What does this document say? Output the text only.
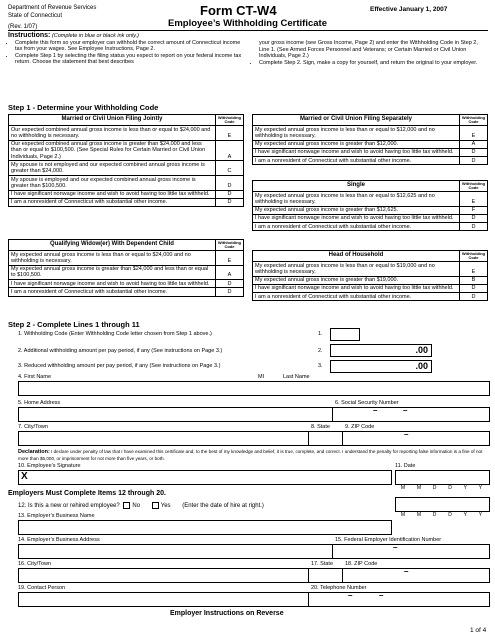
Department of Revenue Services
State of Connecticut
(Rev. 1/07)
Form CT-W4
Employee’s Withholding Certificate
Effective January 1, 2007
Instructions: (Complete in blue or black ink only.)
• Complete this form so your employer can withhold the correct amount of Connecticut income tax from your wages. See Employee Instructions, Page 2.
• Complete Step 1 by selecting the filing status you expect to report on your federal income tax return. Choose the statement that best describes
your gross income (see Gross Income, Page 2) and enter the Withholding Code in Step 2, Line 1. (See Armed Forces Personnel and Veterans; or Certain Married or Civil Union Individuals, Page 2.)
• Complete Step 2. Sign, make a copy for yourself, and return the original to your employer.
Step 1 - Determine your Withholding Code
Married or Civil Union Filing Jointly	Withholding Code
Our expected combined annual gross income is less than or equal to $24,000 and no withholding is necessary.	E
Our expected combined annual gross income is greater than $24,000 and less than or equal to $100,500. (See Special Rules for Certain Married or Civil Union Individuals, Page 2.)	A
My spouse is not employed and our expected combined annual gross income is greater than $24,000.	C
My spouse is employed and our expected combined annual gross income is greater than $100,500.	D
I have significant nonwage income and wish to avoid having too little tax withheld.	D
I am a nonresident of Connecticut with substantial other income.	D
Qualifying Widow(er) With Dependent Child	Withholding Code
My expected annual gross income is less than or equal to $24,000 and no withholding is necessary.	E
My expected annual gross income is greater than $24,000 and less than or equal to $100,500.	A
I have significant nonwage income and wish to avoid having too little tax withheld.	D
I am a nonresident of Connecticut with substantial other income.	D
Married or Civil Union Filing Separately	Withholding Code
My expected annual gross income is less than or equal to $12,000 and no withholding is necessary.	E
My expected annual gross income is greater than $12,000.	A
I have significant nonwage income and wish to avoid having too little tax withheld.	D
I am a nonresident of Connecticut with substantial other income.	D
Single	Withholding Code
My expected annual gross income is less than or equal to $12,625 and no withholding is necessary.	E
My expected annual gross income is greater than $12,625.	F
I have significant nonwage income and wish to avoid having too little tax withheld.	D
I am a nonresident of Connecticut with substantial other income.	D
Head of Household	Withholding Code
My expected annual gross income is less than or equal to $19,000 and no withholding is necessary.	E
My expected annual gross income is greater than $19,000.	B
I have significant nonwage income and wish to avoid having too little tax withheld.	D
I am a nonresident of Connecticut with substantial other income.	D
Step 2 - Complete Lines 1 through 11
1. Withholding Code (Enter Withholding Code letter chosen from Step 1 above.)	1.
2. Additional withholding amount per pay period, if any (See instructions on Page 3.)	2.	.00
3. Reduced withholding amount per pay period, if any (See instructions on Page 3.)	3.	.00
4. First Name	MI	Last Name
5. Home Address	6. Social Security Number
–	–
7. City/Town	8. State	9. ZIP Code
–
Declaration: I declare under penalty of law that I have examined this certificate and, to the best of my knowledge and belief, it is true, complete, and correct. I understand the penalty for reporting false information is a fine of not more than $5,000, or imprisonment for not more than five years, or both.
10. Employee’s Signature	11. Date
X
M M D D Y Y
Employers Must Complete Items 12 through 20.
12. Is this a new or rehired employee? No	Yes (Enter the date of hire at right.)
M M D D Y Y
13. Employer’s Business Name
14. Employer’s Business Address	15. Federal Employer Identification Number
–
16. City/Town	17. State 18. ZIP Code
–
19. Contact Person	20. Telephone Number
–	–
Employer Instructions on Reverse
1 of 4
